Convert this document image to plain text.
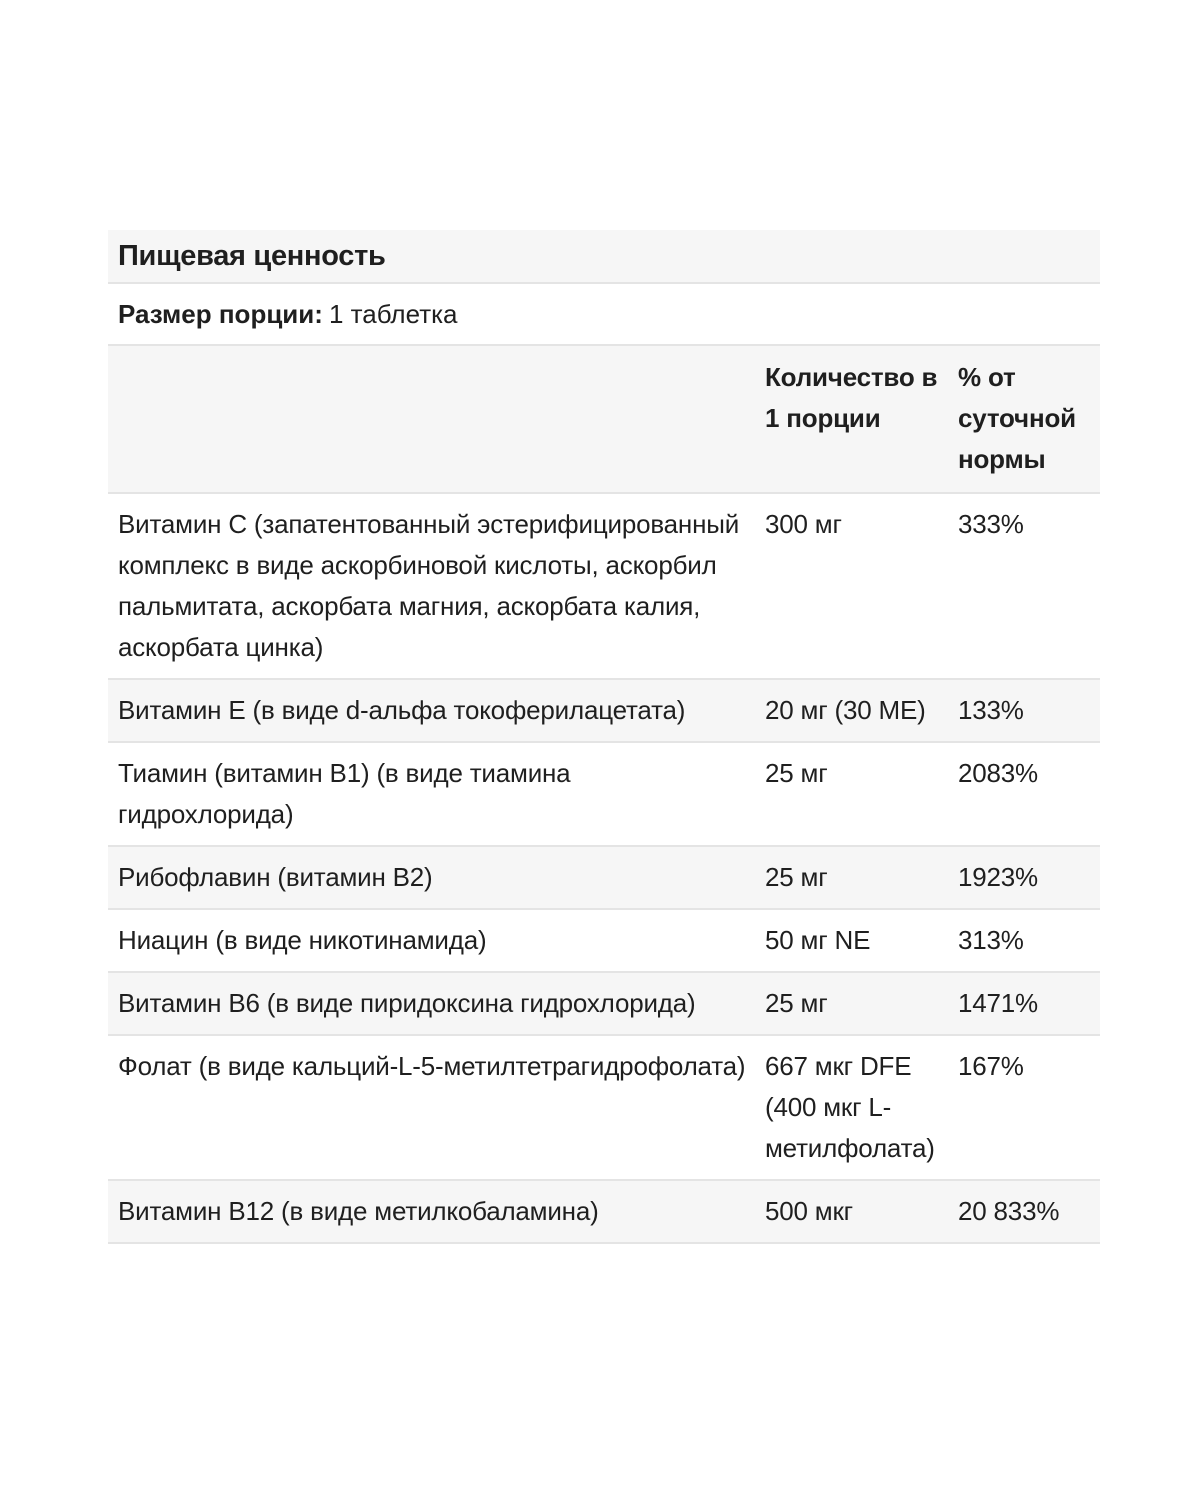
Пищевая ценность
Размер порции: 1 таблетка
	Количество в 1 порции	% от суточной нормы
Витамин C (запатентованный эстерифицированный комплекс в виде аскорбиновой кислоты, аскорбил пальмитата, аскорбата магния, аскорбата калия, аскорбата цинка)	300 мг	333%
Витамин E (в виде d-альфа токоферилацетата)	20 мг (30 МЕ)	133%
Тиамин (витамин B1) (в виде тиамина гидрохлорида)	25 мг	2083%
Рибофлавин (витамин B2)	25 мг	1923%
Ниацин (в виде никотинамида)	50 мг NE	313%
Витамин B6 (в виде пиридоксина гидрохлорида)	25 мг	1471%
Фолат (в виде кальций-L-5-метилтетрагидрофолата)	667 мкг DFE (400 мкг L-метилфолата)	167%
Витамин B12 (в виде метилкобаламина)	500 мкг	20 833%
